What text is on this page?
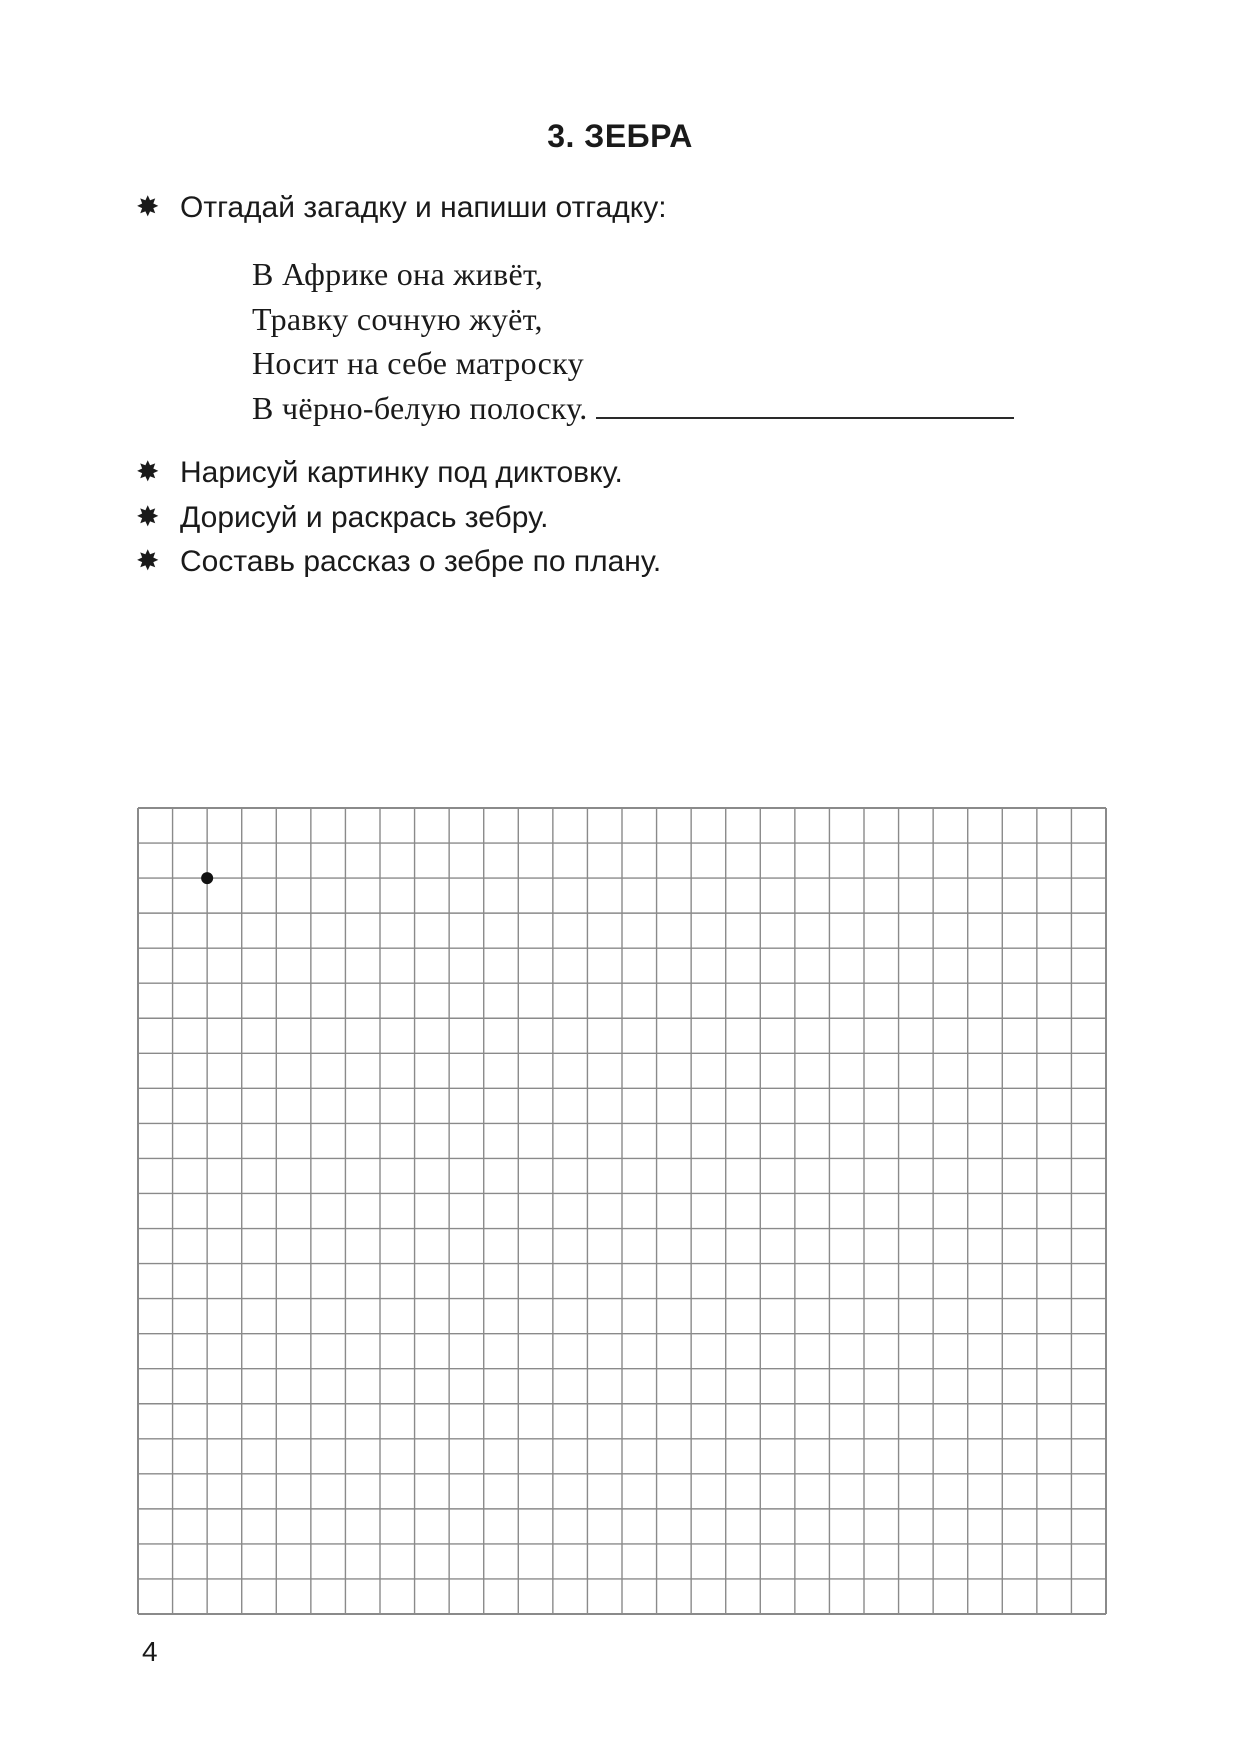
3. ЗЕБРА
✸ Отгадай загадку и напиши отгадку:
В Африке она живёт,
Травку сочную жуёт,
Носит на себе матроску
В чёрно-белую полоску.
✸ Нарисуй картинку под диктовку.
✸ Дорисуй и раскрась зебру.
✸ Составь рассказ о зебре по плану.
4
